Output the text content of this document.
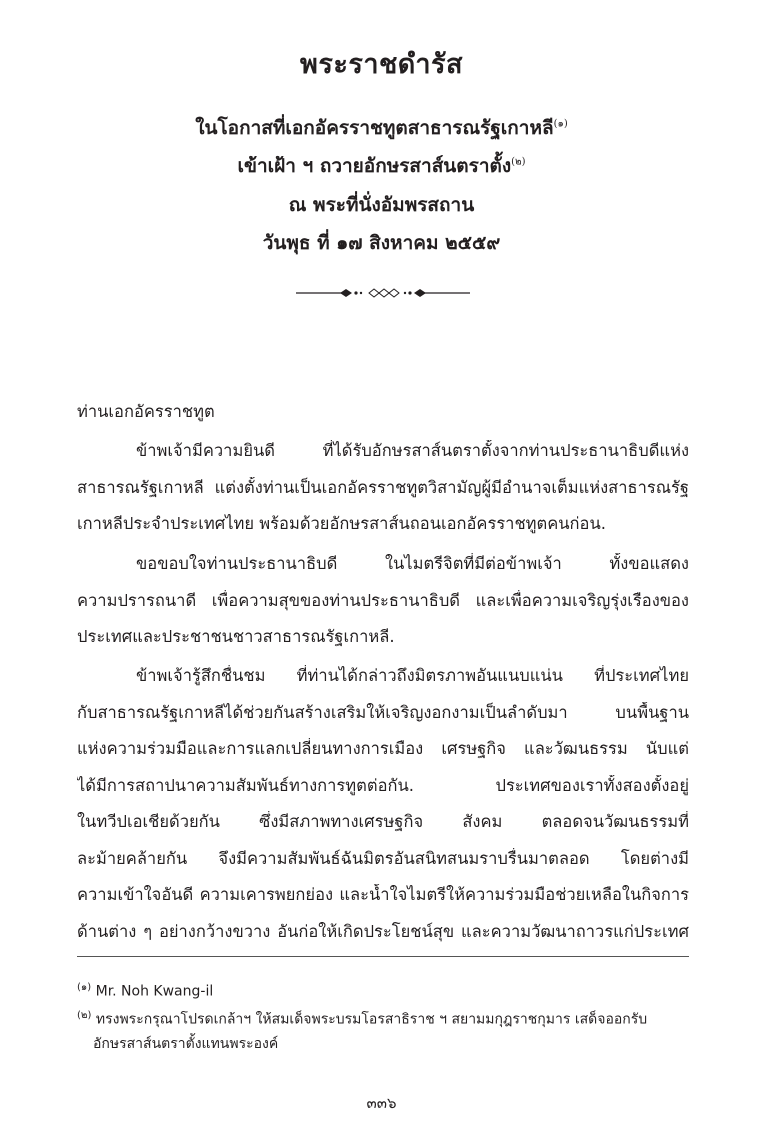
พระราชดำรัส
ในโอกาสที่เอกอัครราชทูตสาธารณรัฐเกาหลี$^{(๑)}$
เข้าเฝ้า ฯ ถวายอักษรสาส์นตราตั้ง$^{(๒)}$
ณ พระที่นั่งอัมพรสถาน
วันพุธ ที่ ๑๗ สิงหาคม ๒๕๕๙
ท่านเอกอัครราชทูต
ข้าพเจ้ามีความยินดี ที่ได้รับอักษรสาส์นตราตั้งจากท่านประธานาธิบดีแห่ง
สาธารณรัฐเกาหลี แต่งตั้งท่านเป็นเอกอัครราชทูตวิสามัญผู้มีอำนาจเต็มแห่งสาธารณรัฐ
เกาหลีประจำประเทศไทย พร้อมด้วยอักษรสาส์นถอนเอกอัครราชทูตคนก่อน.
ขอขอบใจท่านประธานาธิบดี ในไมตรีจิตที่มีต่อข้าพเจ้า ทั้งขอแสดง
ความปรารถนาดี เพื่อความสุขของท่านประธานาธิบดี และเพื่อความเจริญรุ่งเรืองของ
ประเทศและประชาชนชาวสาธารณรัฐเกาหลี.
ข้าพเจ้ารู้สึกชื่นชม ที่ท่านได้กล่าวถึงมิตรภาพอันแนบแน่น ที่ประเทศไทย
กับสาธารณรัฐเกาหลีได้ช่วยกันสร้างเสริมให้เจริญงอกงามเป็นลำดับมา บนพื้นฐาน
แห่งความร่วมมือและการแลกเปลี่ยนทางการเมือง เศรษฐกิจ และวัฒนธรรม นับแต่
ได้มีการสถาปนาความสัมพันธ์ทางการทูตต่อกัน. ประเทศของเราทั้งสองตั้งอยู่
ในทวีปเอเชียด้วยกัน ซึ่งมีสภาพทางเศรษฐกิจ สังคม ตลอดจนวัฒนธรรมที่
ละม้ายคล้ายกัน จึงมีความสัมพันธ์ฉันมิตรอันสนิทสนมราบรื่นมาตลอด โดยต่างมี
ความเข้าใจอันดี ความเคารพยกย่อง และน้ำใจไมตรีให้ความร่วมมือช่วยเหลือในกิจการ
ด้านต่าง ๆ อย่างกว้างขวาง อันก่อให้เกิดประโยชน์สุข และความวัฒนาถาวรแก่ประเทศ
$^{(๑)}$ Mr. Noh Kwang-il
$^{(๒)}$ ทรงพระกรุณาโปรดเกล้าฯ ให้สมเด็จพระบรมโอรสาธิราช ฯ สยามมกุฎราชกุมาร เสด็จออกรับ
อักษรสาส์นตราตั้งแทนพระองค์
๓๓๖
